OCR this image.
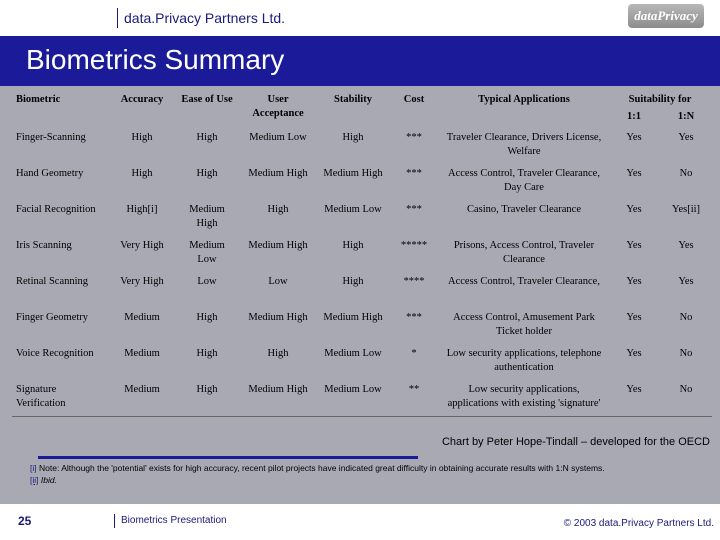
data.Privacy Partners Ltd.	dataPrivacy
Biometrics Summary
Biometric	Accuracy	Ease of Use	User Acceptance	Stability	Cost	Typical Applications	Suitability for	
							1:1	1:N
Finger-Scanning	High	High	Medium Low	High	***	Traveler Clearance, Drivers License, Welfare	Yes	Yes
Hand Geometry	High	High	Medium High	Medium High	***	Access Control, Traveler Clearance, Day Care	Yes	No
Facial Recognition	High[i]	Medium High	High	Medium Low	***	Casino, Traveler Clearance	Yes	Yes[ii]
Iris Scanning	Very High	Medium Low	Medium High	High	*****	Prisons, Access Control, Traveler Clearance	Yes	Yes
Retinal Scanning	Very High	Low	Low	High	****	Access Control, Traveler Clearance,	Yes	Yes
Finger Geometry	Medium	High	Medium High	Medium High	***	Access Control, Amusement Park Ticket holder	Yes	No
Voice Recognition	Medium	High	High	Medium Low	*	Low security applications, telephone authentication	Yes	No
Signature Verification	Medium	High	Medium High	Medium Low	**	Low security applications, applications with existing 'signature'	Yes	No
Chart by Peter Hope-Tindall – developed for the OECD
[i] Note: Although the 'potential' exists for high accuracy, recent pilot projects have indicated great difficulty in obtaining accurate results with 1:N systems.
[ii] Ibid.
25	Biometrics Presentation	© 2003 data.Privacy Partners Ltd.
